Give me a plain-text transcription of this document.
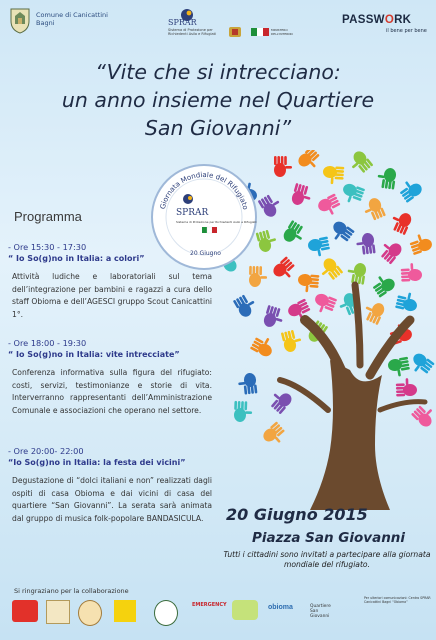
Comune di Canicattini Bagni	SPRAR
Sistema di Protezione per Richiedenti Asilo e Rifugiati
MINISTERO DELL'INTERNO
PASSWORK
il bene per bene
“Vite che si intrecciano:
un anno insieme nel Quartiere
San Giovanni”
Giornata Mondiale del Rifugiato
SPRAR
Sistema di Protezione per Richiedenti Asilo e Rifugiati
20 Giugno
Programma
- Ore 15:30 - 17:30
“ Io So(g)no in Italia: a colori”
Attività ludiche e laboratoriali sul tema dell’integrazione per bambini e ragazzi a cura dello staff Obioma e dell’AGESCI gruppo Scout Canicattini 1°.
- Ore 18:00 - 19:30
“ Io So(g)no in Italia: vite intrecciate”
Conferenza informativa sulla figura del rifugiato: costi, servizi, testimonianze e storie di vita. Interverranno rappresentanti dell’Amministrazione Comunale e associazioni che operano nel settore.
- Ore 20:00- 22:00
“Io So(g)no in Italia: la festa dei vicini”
Degustazione di “dolci italiani e non” realizzati dagli ospiti di casa Obioma e dai vicini di casa del quartiere “San Giovanni”. La serata sarà animata dal gruppo di musica folk-popolare BANDASICULA.	20 Giugno 2015
Piazza San Giovanni
Tutti i cittadini sono invitati a partecipare alla giornata mondiale del rifugiato.
Si ringraziano per la collaborazione
EMERGENCY	obioma	Quartiere San Giovanni
Per ulteriori comunicazioni: Centro SPRAR Canicattini Bagni “Obioma”
